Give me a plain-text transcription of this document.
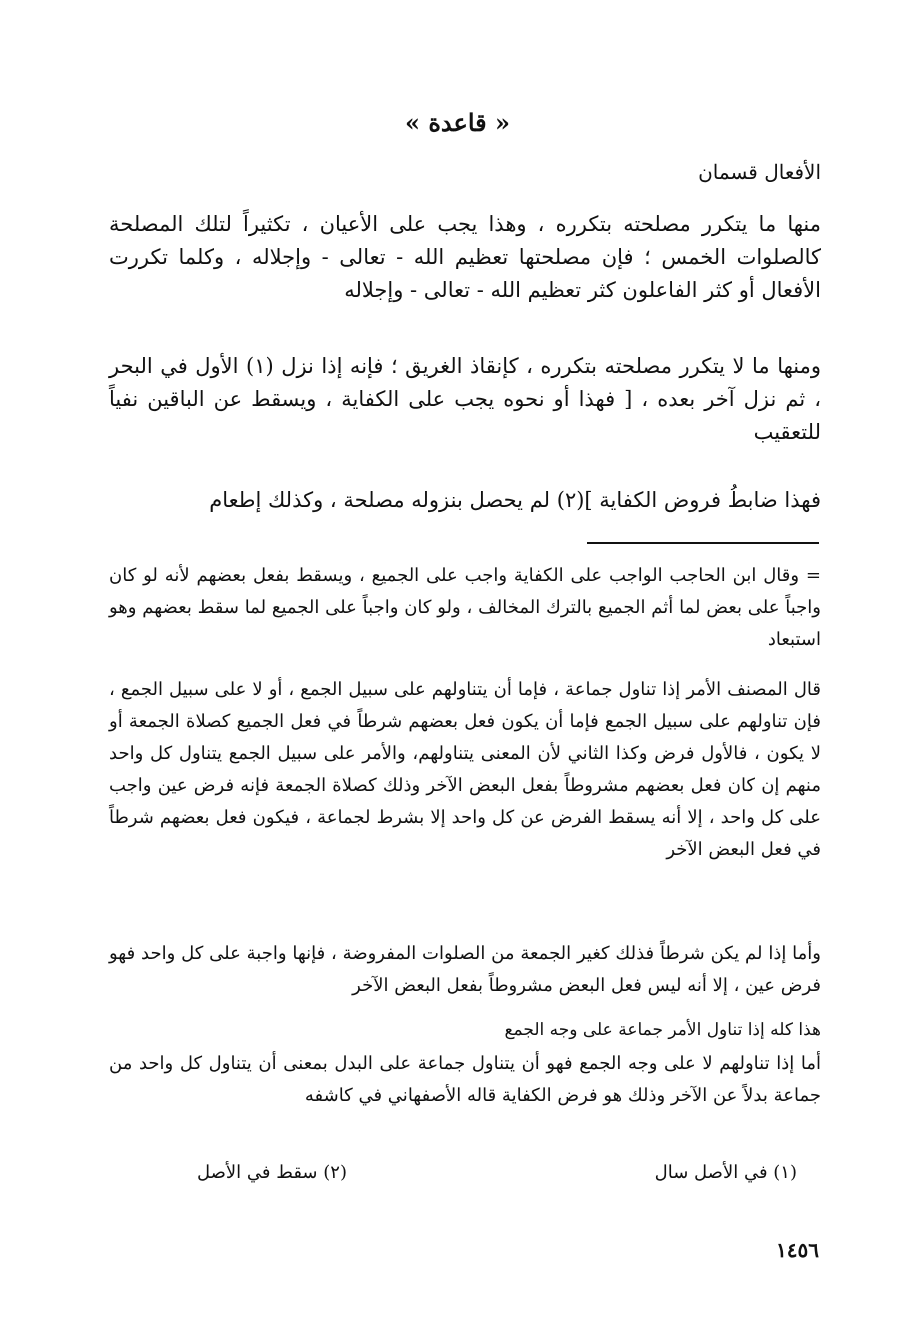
« قاعدة »
الأفعال قسمان

منها ما يتكرر مصلحته بتكرره ، وهذا يجب على الأعيان ، تكثيراً لتلك المصلحة كالصلوات الخمس ؛ فإن مصلحتها تعظيم الله - تعالى - وإجلاله ، وكلما تكررت الأفعال أو كثر الفاعلون كثر تعظيم الله - تعالى - وإجلاله

ومنها ما لا يتكرر مصلحته بتكرره ، كإنقاذ الغريق ؛ فإنه إذا نزل (١) الأول في البحر ، ثم نزل آخر بعده ، [ فهذا أو نحوه يجب على الكفاية ، ويسقط عن الباقين نفياً للتعقيب

فهذا ضابطُ فروض الكفاية ](٢) لم يحصل بنزوله مصلحة ، وكذلك إطعام

= وقال ابن الحاجب الواجب على الكفاية واجب على الجميع ، ويسقط بفعل بعضهم لأنه لو كان واجباً على بعض لما أثم الجميع بالترك المخالف ، ولو كان واجباً على الجميع لما سقط بعضهم وهو استبعاد

قال المصنف الأمر إذا تناول جماعة ، فإما أن يتناولهم على سبيل الجمع ، أو لا على سبيل الجمع ، فإن تناولهم على سبيل الجمع فإما أن يكون فعل بعضهم شرطاً في فعل الجميع كصلاة الجمعة أو لا يكون ، فالأول فرض وكذا الثاني لأن المعنى يتناولهم، والأمر على سبيل الجمع يتناول كل واحد منهم إن كان فعل بعضهم مشروطاً بفعل البعض الآخر وذلك كصلاة الجمعة فإنه فرض عين واجب على كل واحد ، إلا أنه يسقط الفرض عن كل واحد إلا بشرط لجماعة ، فيكون فعل بعضهم شرطاً في فعل البعض الآخر

وأما إذا لم يكن شرطاً فذلك كغير الجمعة من الصلوات المفروضة ، فإنها واجبة على كل واحد فهو فرض عين ، إلا أنه ليس فعل البعض مشروطاً بفعل البعض الآخر

هذا كله إذا تناول الأمر جماعة على وجه الجمع

أما إذا تناولهم لا على وجه الجمع فهو أن يتناول جماعة على البدل بمعنى أن يتناول كل واحد من جماعة بدلاً عن الآخر وذلك هو فرض الكفاية قاله الأصفهاني في كاشفه

(١) في الأصل سال
(٢) سقط في الأصل
١٤٥٦
